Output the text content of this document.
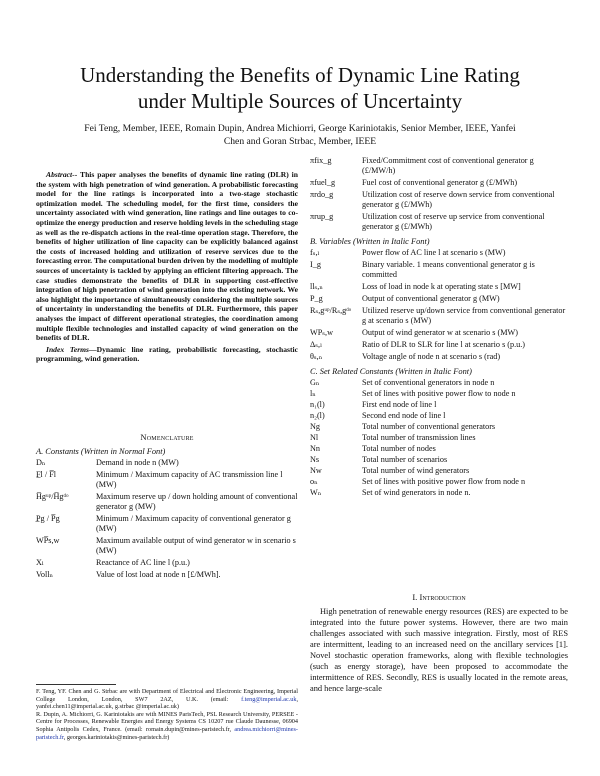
Understanding the Benefits of Dynamic Line Rating
under Multiple Sources of Uncertainty
Fei Teng, Member, IEEE, Romain Dupin, Andrea Michiorri, George Kariniotakis, Senior Member, IEEE, Yanfei
Chen and Goran Strbac, Member, IEEE
Abstract-- This paper analyses the benefits of dynamic line rating (DLR) in the system with high penetration of wind generation. A probabilistic forecasting model for the line ratings is incorporated into a two-stage stochastic optimization model. The scheduling model, for the first time, considers the uncertainty associated with wind generation, line ratings and line outages to co-optimize the energy production and reserve holding levels in the scheduling stage as well as the re-dispatch actions in the real-time operation stage. Therefore, the benefits of higher utilization of line capacity can be explicitly balanced against the costs of increased holding and utilization of reserve services due to the forecasting error. The computational burden driven by the modelling of multiple sources of uncertainty is tackled by applying an efficient filtering approach. The case studies demonstrate the benefits of DLR in supporting cost-effective integration of high penetration of wind generation into the existing network. We also highlight the importance of simultaneously considering the multiple sources of uncertainty in understanding the benefits of DLR. Furthermore, this paper analyses the impact of different operational strategies, the coordination among multiple flexible technologies and installed capacity of wind generation on the benefits of DLR.
Index Terms—Dynamic line rating, probabilistic forecasting, stochastic programming, wind generation.
Nomenclature
A. Constants (Written in Normal Font)
Dₙ	Demand in node n (MW)
F̲l / F̅l	Minimum / Maximum capacity of AC transmission line l (MW)
H̅gᵘᵖ/H̅gᵈᵒ	Maximum reserve up / down holding amount of conventional generator g (MW)
P̲g / P̅g	Minimum / Maximum capacity of conventional generator g (MW)
WP̅s,w	Maximum available output of wind generator w in scenario s (MW)
Xₗ	Reactance of AC line l (p.u.)
Vollₙ	Value of lost load at node n [£/MWh].
F. Teng, YF. Chen and G. Strbac are with Department of Electrical and Electronic Engineering, Imperial College London, London, SW7 2AZ, U.K. (email: f.teng@imperial.ac.uk, yanfei.chen11@imperial.ac.uk, g.strbac @imperial.ac.uk)
R. Dupin, A. Michiorri, G. Kariniotakis are with MINES ParisTech, PSL Research University, PERSEE - Centre for Processes, Renewable Energies and Energy Systems CS 10207 rue Claude Daunesse, 06904 Sophia Antipolis Cedex, France. (email: romain.dupin@mines-paristech.fr, andrea.michiorri@mines-paristech.fr, georges.kariniotakis@mines-paristech.fr)
πfix_g	Fixed/Commitment cost of conventional generator g (£/MW/h)
πfuel_g	Fuel cost of conventional generator g (£/MWh)
πrdo_g	Utilization cost of reserve down service from conventional generator g (£/MWh)
πrup_g	Utilization cost of reserve up service from conventional generator g (£/MWh)
B. Variables (Written in Italic Font)
fₛ,ₗ	Power flow of AC line l at scenario s (MW)
I_g	Binary variable. 1 means conventional generator g is committed
llₛ,ₙ	Loss of load in node k at operating state s [MW]
P_g	Output of conventional generator g (MW)
Rₛ,gᵘᵖ/Rₛ,gᵈᵒ	Utilized reserve up/down service from conventional generator g at scenario s (MW)
WPₛ,w	Output of wind generator w at scenario s (MW)
Δₛ,ₗ	Ratio of DLR to SLR for line l at scenario s (p.u.)
θₛ,ₙ	Voltage angle of node n at scenario s (rad)
C. Set Related Constants (Written in Italic Font)
Gₙ	Set of conventional generators in node n
lₙ	Set of lines with positive power flow to node n
n₁(l)	First end node of line l
n₂(l)	Second end node of line l
Ng	Total number of conventional generators
Nl	Total number of transmission lines
Nn	Total number of nodes
Ns	Total number of scenarios
Nw	Total number of wind generators
oₙ	Set of lines with positive power flow from node n
Wₙ	Set of wind generators in node n.
I. Introduction
High penetration of renewable energy resources (RES) are expected to be integrated into the future power systems. However, there are two main challenges associated with such massive integration. Firstly, most of RES are intermittent, leading to an increased need on the ancillary services [1]. Novel stochastic operation frameworks, along with flexible technologies (such as energy storage), have been proposed to accommodate the intermittence of RES. Secondly, RES is usually located in the remote areas, and hence large-scale
